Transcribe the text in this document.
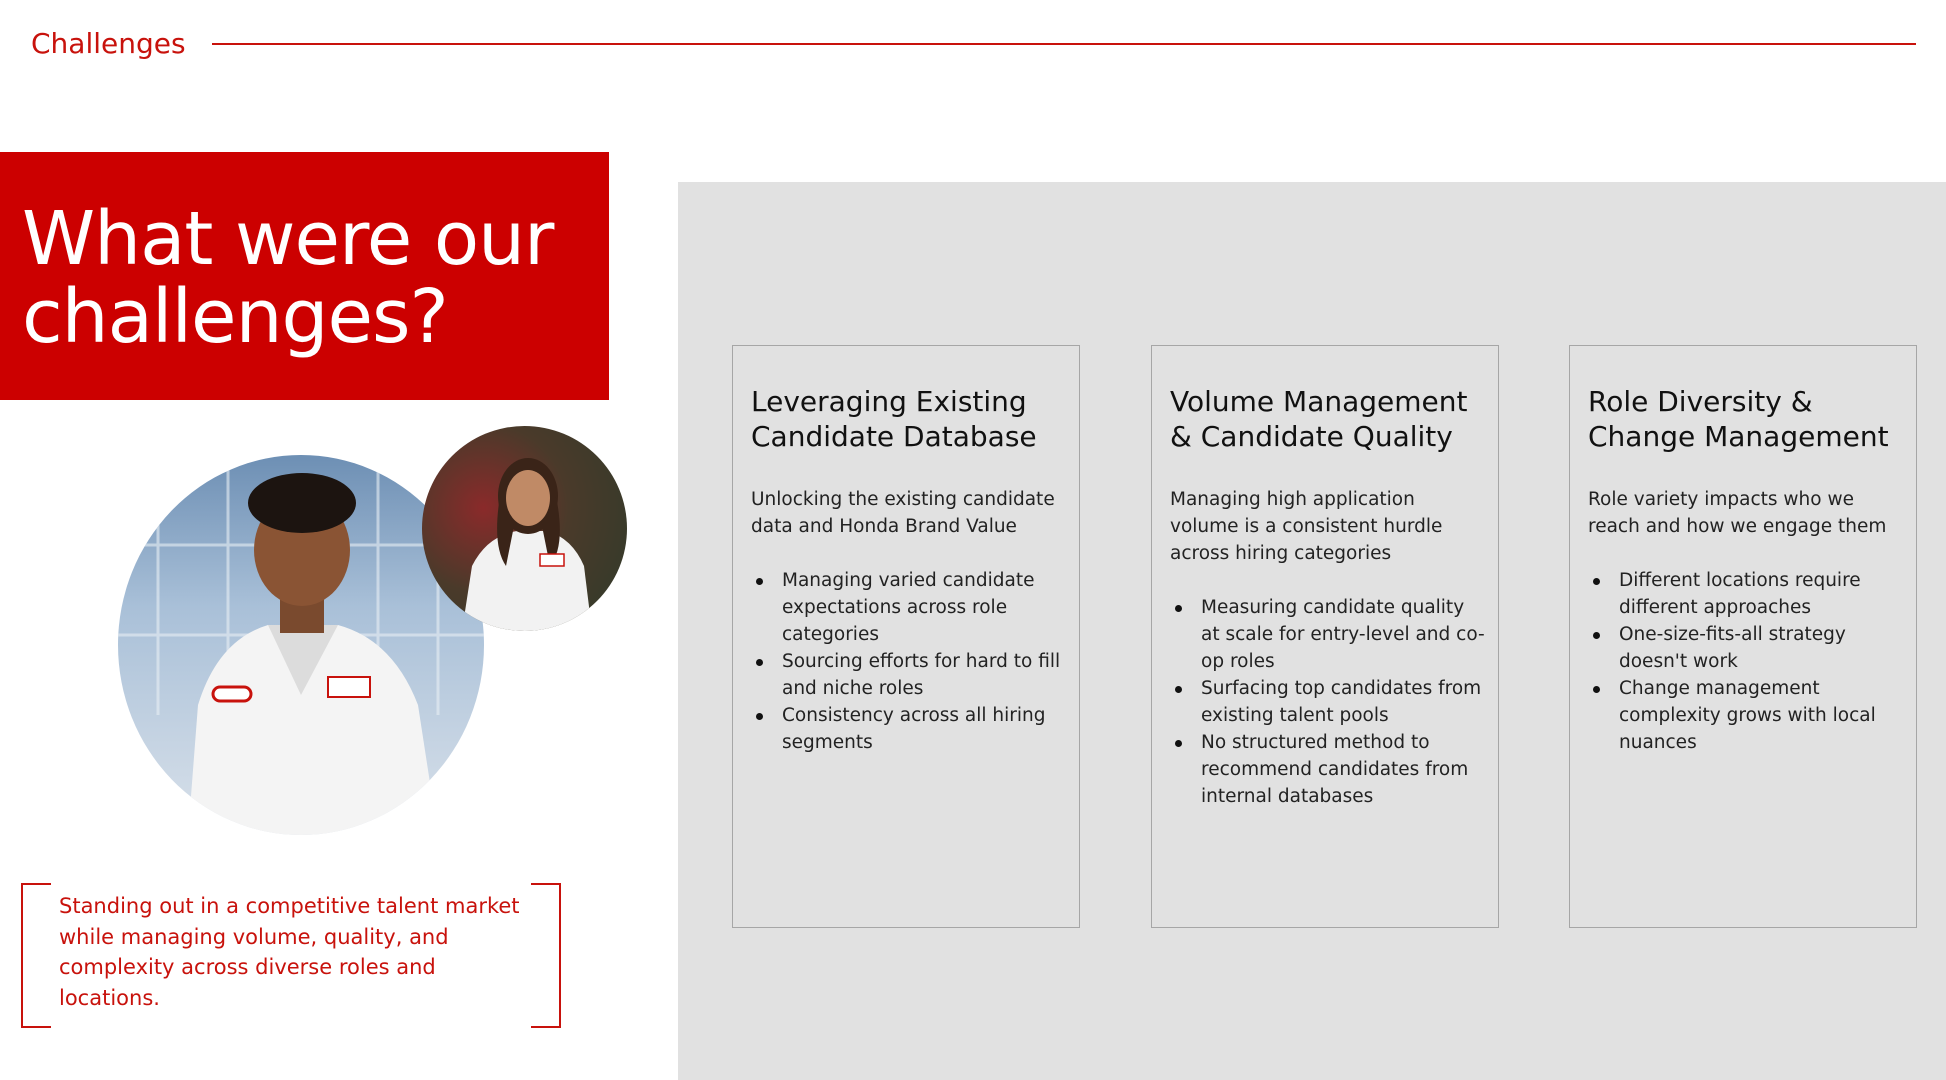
Challenges
What were our
challenges?
Standing out in a competitive talent market while managing volume, quality, and complexity across diverse roles and locations.
Leveraging Existing
Candidate Database

Unlocking the existing candidate data and Honda Brand Value

Managing varied candidate expectations across role categories
Sourcing efforts for hard to fill and niche roles
Consistency across all hiring segments
Volume Management
& Candidate Quality

Managing high application volume is a consistent hurdle across hiring categories

Measuring candidate quality at scale for entry-level and co-op roles
Surfacing top candidates from existing talent pools
No structured method to recommend candidates from internal databases
Role Diversity &
Change Management

Role variety impacts who we reach and how we engage them

Different locations require different approaches
One-size-fits-all strategy doesn't work
Change management complexity grows with local nuances
